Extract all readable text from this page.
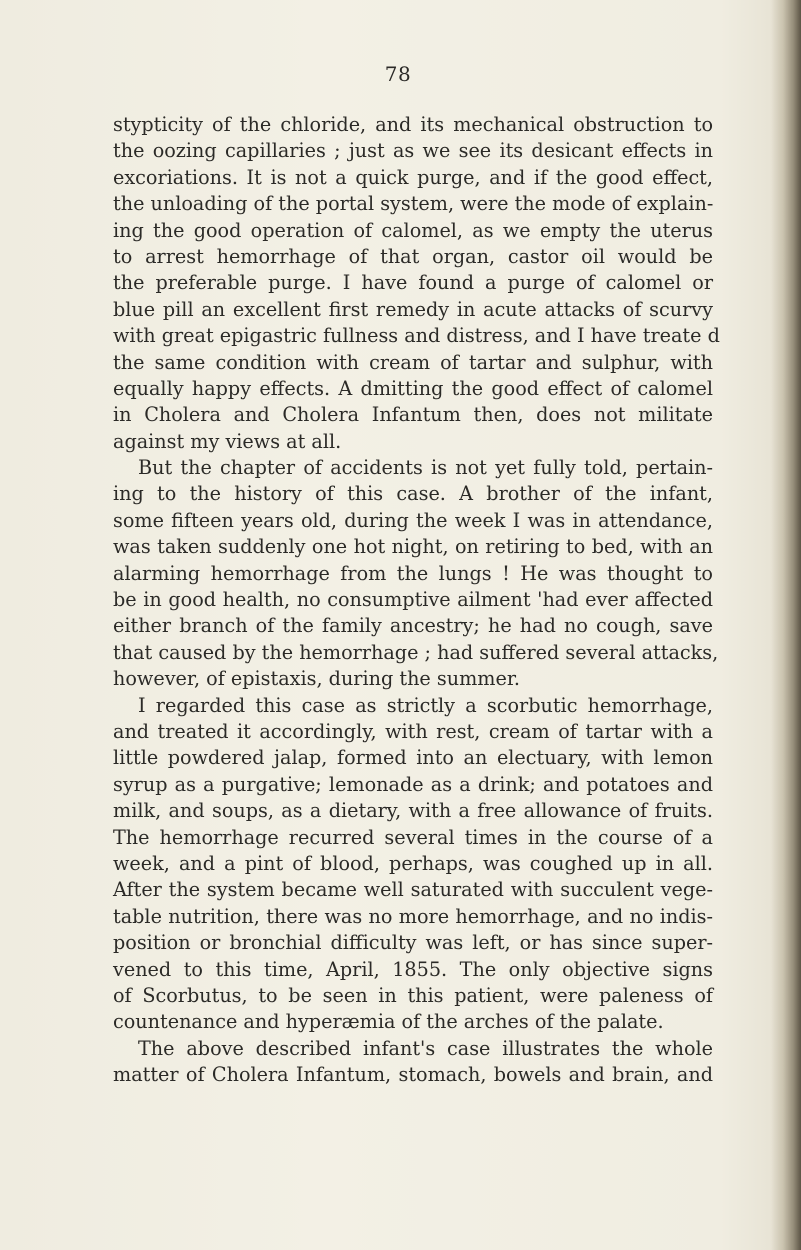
78
stypticity of the chloride, and its mechanical obstruction to
the oozing capillaries ; just as we see its desicant effects in
excoriations. It is not a quick purge, and if the good effect,
the unloading of the portal system, were the mode of explain-
ing the good operation of calomel, as we empty the uterus
to arrest hemorrhage of that organ, castor oil would be
the preferable purge. I have found a purge of calomel or
blue pill an excellent first remedy in acute attacks of scurvy
with great epigastric fullness and distress, and I have treate d
the same condition with cream of tartar and sulphur, with
equally happy effects. A dmitting the good effect of calomel
in Cholera and Cholera Infantum then, does not militate
against my views at all.
But the chapter of accidents is not yet fully told, pertain-
ing to the history of this case. A brother of the infant,
some fifteen years old, during the week I was in attendance,
was taken suddenly one hot night, on retiring to bed, with an
alarming hemorrhage from the lungs ! He was thought to
be in good health, no consumptive ailment 'had ever affected
either branch of the family ancestry; he had no cough, save
that caused by the hemorrhage ; had suffered several attacks,
however, of epistaxis, during the summer.
I regarded this case as strictly a scorbutic hemorrhage,
and treated it accordingly, with rest, cream of tartar with a
little powdered jalap, formed into an electuary, with lemon
syrup as a purgative; lemonade as a drink; and potatoes and
milk, and soups, as a dietary, with a free allowance of fruits.
The hemorrhage recurred several times in the course of a
week, and a pint of blood, perhaps, was coughed up in all.
After the system became well saturated with succulent vege-
table nutrition, there was no more hemorrhage, and no indis-
position or bronchial difficulty was left, or has since super-
vened to this time, April, 1855. The only objective signs
of Scorbutus, to be seen in this patient, were paleness of
countenance and hyperæmia of the arches of the palate.
The above described infant's case illustrates the whole
matter of Cholera Infantum, stomach, bowels and brain, and
